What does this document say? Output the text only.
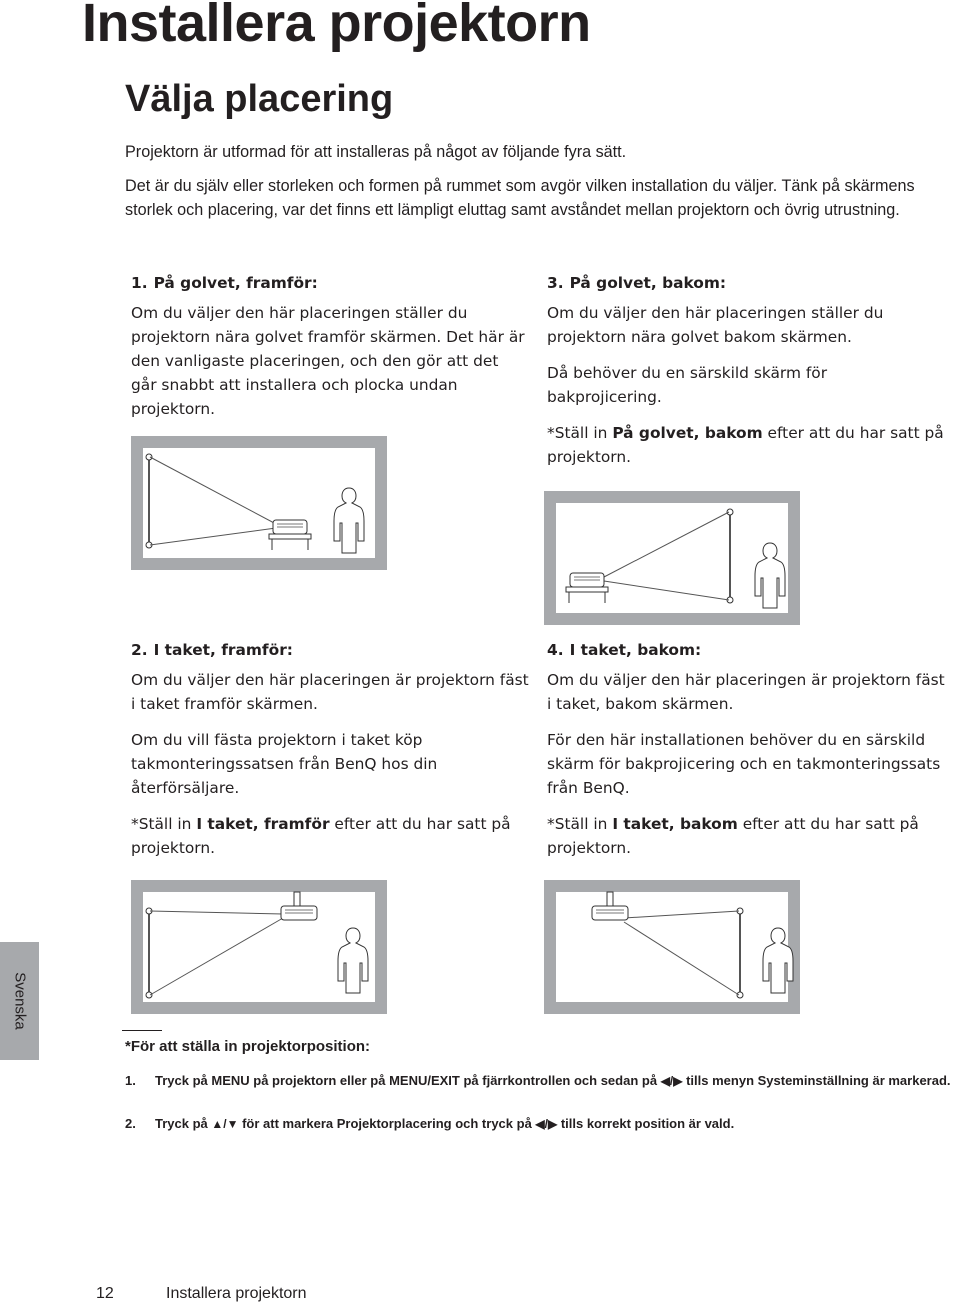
Installera projektorn
Välja placering

Projektorn är utformad för att installeras på något av följande fyra sätt.

Det är du själv eller storleken och formen på rummet som avgör vilken installation du väljer. Tänk på skärmens storlek och placering, var det finns ett lämpligt eluttag samt avståndet mellan projektorn och övrig utrustning.

1. På golvet, framför:

Om du väljer den här placeringen ställer du projektorn nära golvet framför skärmen. Det här är den vanligaste placeringen, och den gör att det går snabbt att installera och plocka undan projektorn.

3. På golvet, bakom:

Om du väljer den här placeringen ställer du projektorn nära golvet bakom skärmen.

Då behöver du en särskild skärm för bakprojicering.

*Ställ in På golvet, bakom efter att du har satt på projektorn.

2. I taket, framför:

Om du väljer den här placeringen är projektorn fäst i taket framför skärmen.

Om du vill fästa projektorn i taket köp takmonteringssatsen från BenQ hos din återförsäljare.

*Ställ in I taket, framför efter att du har satt på projektorn.

4. I taket, bakom:

Om du väljer den här placeringen är projektorn fäst i taket, bakom skärmen.

För den här installationen behöver du en särskild skärm för bakprojicering och en takmonteringssats från BenQ.

*Ställ in I taket, bakom efter att du har satt på projektorn.

Svenska

*För att ställa in projektorposition:

1. Tryck på MENU på projektorn eller på MENU/EXIT på fjärrkontrollen och sedan på ◀/▶ tills menyn Systeminställning är markerad.

2. Tryck på ▲/▼ för att markera Projektorplacering och tryck på ◀/▶ tills korrekt position är vald.

12	Installera projektorn
